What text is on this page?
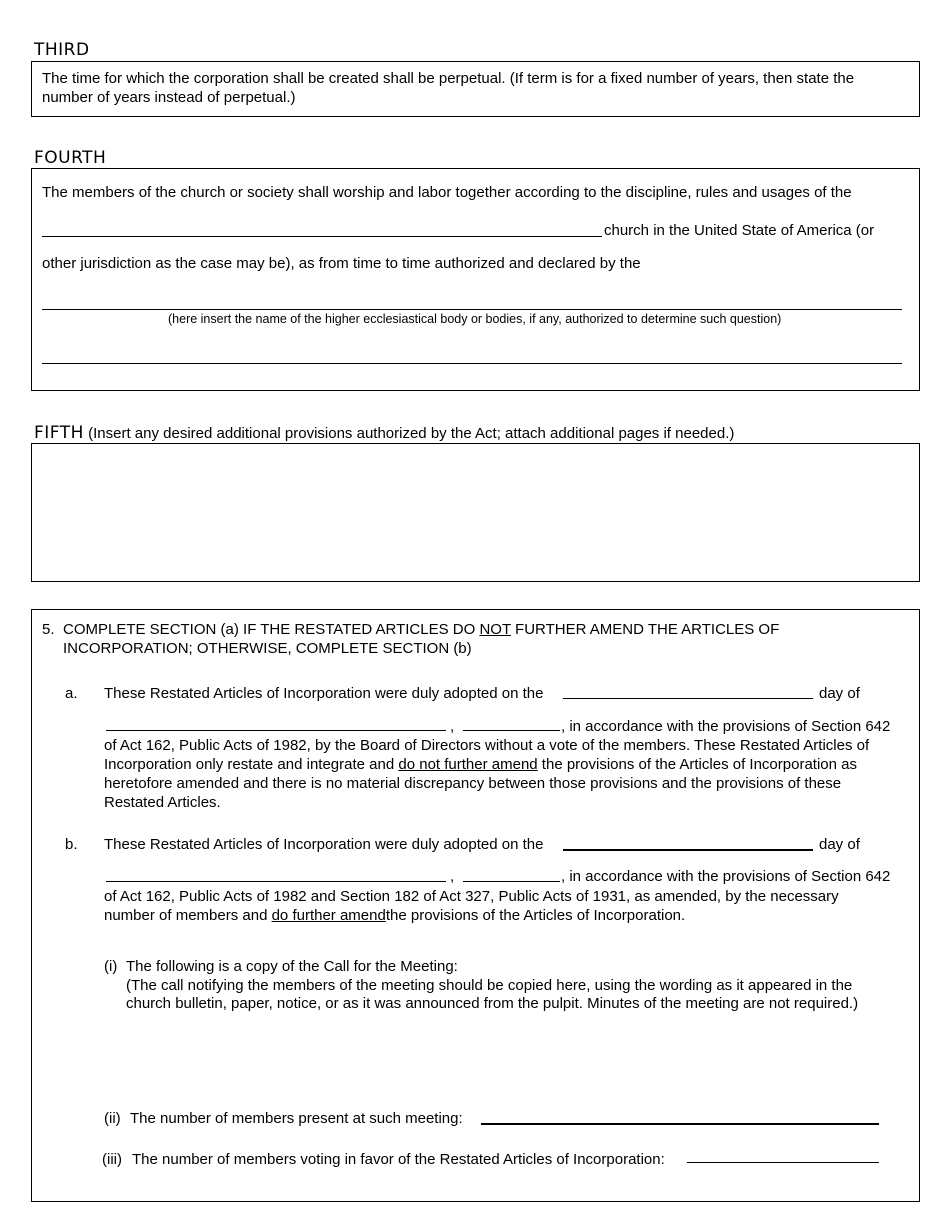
THIRD
The time for which the corporation shall be created shall be perpetual. (If term is for a fixed number of years, then state the number of years instead of perpetual.)
FOURTH
The members of the church or society shall worship and labor together according to the discipline, rules and usages of the
church in the United State of America (or
other jurisdiction as the case may be), as from time to time authorized and declared by the
(here insert the name of the higher ecclesiastical body or bodies, if any, authorized to determine such question)
FIFTH (Insert any desired additional provisions authorized by the Act; attach additional pages if needed.)
5. COMPLETE SECTION (a) IF THE RESTATED ARTICLES DO NOT FURTHER AMEND THE ARTICLES OF
INCORPORATION; OTHERWISE, COMPLETE SECTION (b)
a. These Restated Articles of Incorporation were duly adopted on the	day of
,	, in accordance with the provisions of Section 642
of Act 162, Public Acts of 1982, by the Board of Directors without a vote of the members. These Restated Articles of
Incorporation only restate and integrate and do not further amend the provisions of the Articles of Incorporation as
heretofore amended and there is no material discrepancy between those provisions and the provisions of these
Restated Articles.
b. These Restated Articles of Incorporation were duly adopted on the	day of
,	, in accordance with the provisions of Section 642
of Act 162, Public Acts of 1982 and Section 182 of Act 327, Public Acts of 1931, as amended, by the necessary
number of members and do further amendthe provisions of the Articles of Incorporation.
(i) The following is a copy of the Call for the Meeting:
(The call notifying the members of the meeting should be copied here, using the wording as it appeared in the
church bulletin, paper, notice, or as it was announced from the pulpit. Minutes of the meeting are not required.)
(ii) The number of members present at such meeting:
(iii) The number of members voting in favor of the Restated Articles of Incorporation:
